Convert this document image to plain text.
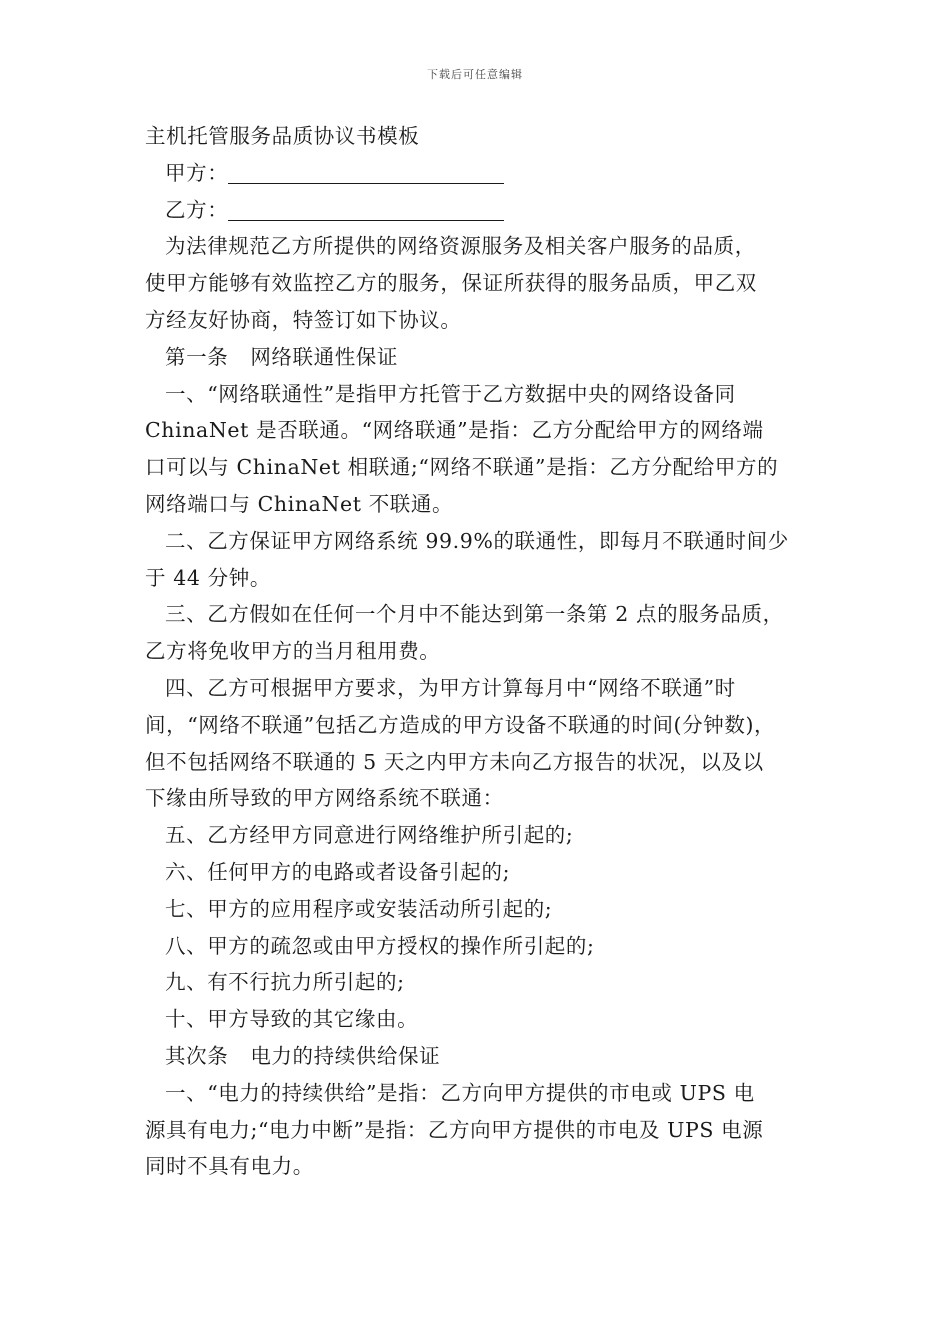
下载后可任意编辑
主机托管服务品质协议书模板
甲方：
乙方：
为法律规范乙方所提供的网络资源服务及相关客户服务的品质，
使甲方能够有效监控乙方的服务，保证所获得的服务品质，甲乙双
方经友好协商，特签订如下协议。
第一条 网络联通性保证
一、“网络联通性”是指甲方托管于乙方数据中央的网络设备同
ChinaNet 是否联通。“网络联通”是指：乙方分配给甲方的网络端
口可以与 ChinaNet 相联通;“网络不联通”是指：乙方分配给甲方的
网络端口与 ChinaNet 不联通。
二、乙方保证甲方网络系统 99.9%的联通性，即每月不联通时间少
于 44 分钟。
三、乙方假如在任何一个月中不能达到第一条第 2 点的服务品质，
乙方将免收甲方的当月租用费。
四、乙方可根据甲方要求，为甲方计算每月中“网络不联通”时
间，“网络不联通”包括乙方造成的甲方设备不联通的时间(分钟数)，
但不包括网络不联通的 5 天之内甲方未向乙方报告的状况，以及以
下缘由所导致的甲方网络系统不联通：
五、乙方经甲方同意进行网络维护所引起的;
六、任何甲方的电路或者设备引起的;
七、甲方的应用程序或安装活动所引起的;
八、甲方的疏忽或由甲方授权的操作所引起的;
九、有不行抗力所引起的;
十、甲方导致的其它缘由。
其次条 电力的持续供给保证
一、“电力的持续供给”是指：乙方向甲方提供的市电或 UPS 电
源具有电力;“电力中断”是指：乙方向甲方提供的市电及 UPS 电源
同时不具有电力。
